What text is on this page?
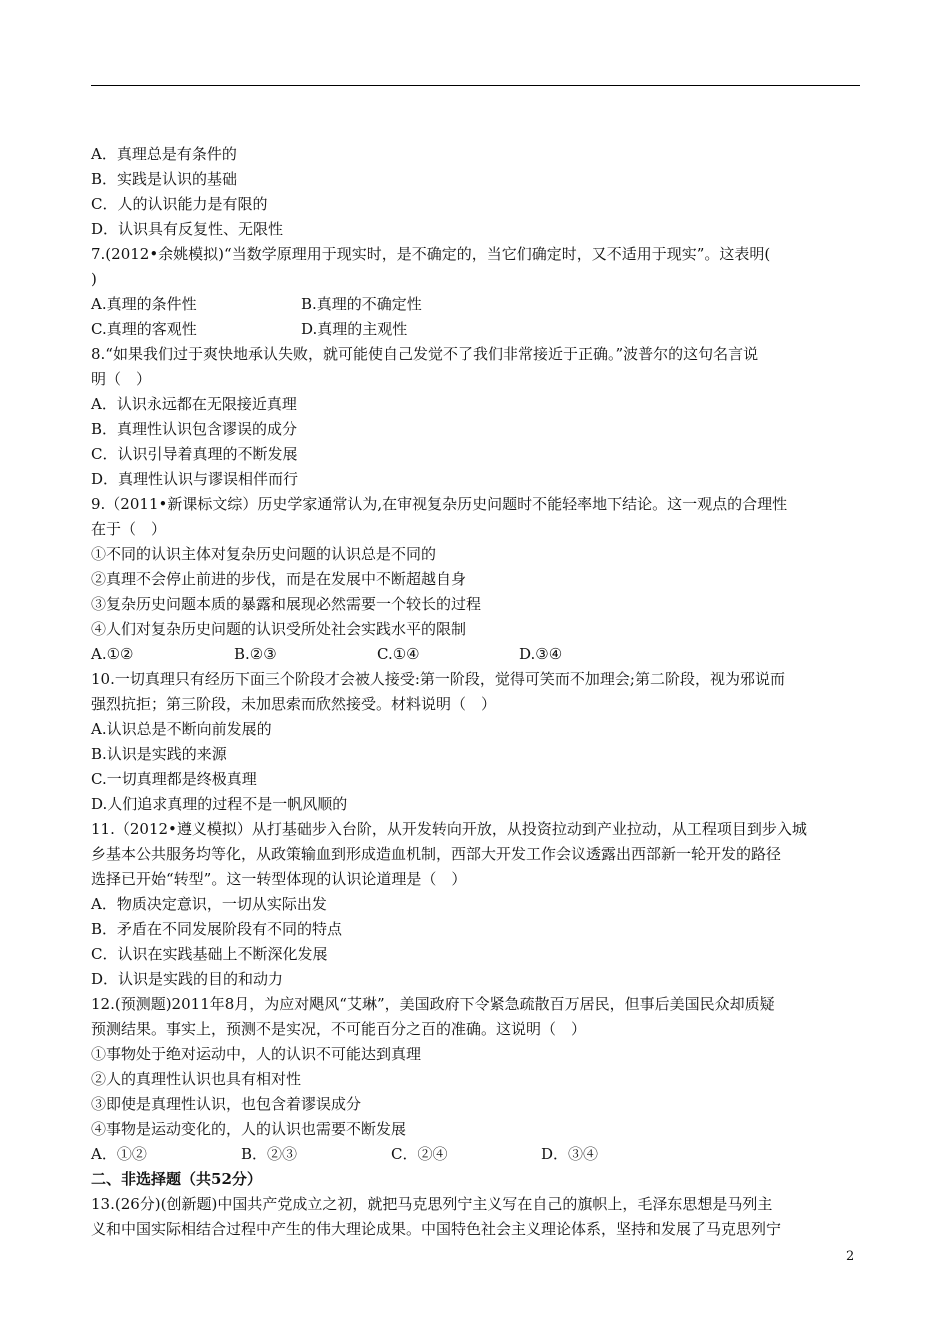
A．真理总是有条件的
B．实践是认识的基础
C．人的认识能力是有限的
D．认识具有反复性、无限性
7.(2012•余姚模拟)“当数学原理用于现实时，是不确定的，当它们确定时，又不适用于现实”。这表明(
)
A.真理的条件性	B.真理的不确定性
C.真理的客观性	D.真理的主观性
8.“如果我们过于爽快地承认失败，就可能使自己发觉不了我们非常接近于正确。”波普尔的这句名言说
明（　）
A．认识永远都在无限接近真理
B．真理性认识包含谬误的成分
C．认识引导着真理的不断发展
D．真理性认识与谬误相伴而行
9.（2011•新课标文综）历史学家通常认为,在审视复杂历史问题时不能轻率地下结论。这一观点的合理性
在于（　）
①不同的认识主体对复杂历史问题的认识总是不同的
②真理不会停止前进的步伐，而是在发展中不断超越自身
③复杂历史问题本质的暴露和展现必然需要一个较长的过程
④人们对复杂历史问题的认识受所处社会实践水平的限制
A.①②	B.②③	C.①④	D.③④
10.一切真理只有经历下面三个阶段才会被人接受:第一阶段，觉得可笑而不加理会;第二阶段，视为邪说而
强烈抗拒；第三阶段，未加思索而欣然接受。材料说明（　）
A.认识总是不断向前发展的
B.认识是实践的来源
C.一切真理都是终极真理
D.人们追求真理的过程不是一帆风顺的
11.（2012•遵义模拟）从打基础步入台阶，从开发转向开放，从投资拉动到产业拉动，从工程项目到步入城
乡基本公共服务均等化，从政策输血到形成造血机制，西部大开发工作会议透露出西部新一轮开发的路径
选择已开始“转型”。这一转型体现的认识论道理是（　）
A．物质决定意识，一切从实际出发
B．矛盾在不同发展阶段有不同的特点
C．认识在实践基础上不断深化发展
D．认识是实践的目的和动力
12.(预测题)2011年8月，为应对飓风“艾琳”，美国政府下令紧急疏散百万居民，但事后美国民众却质疑
预测结果。事实上，预测不是实况，不可能百分之百的准确。这说明（　）
①事物处于绝对运动中，人的认识不可能达到真理
②人的真理性认识也具有相对性
③即使是真理性认识，也包含着谬误成分
④事物是运动变化的，人的认识也需要不断发展
A．①②	B．②③	C．②④	D．③④
二、非选择题（共52分）
13.(26分)(创新题)中国共产党成立之初，就把马克思列宁主义写在自己的旗帜上，毛泽东思想是马列主
义和中国实际相结合过程中产生的伟大理论成果。中国特色社会主义理论体系，坚持和发展了马克思列宁
2
